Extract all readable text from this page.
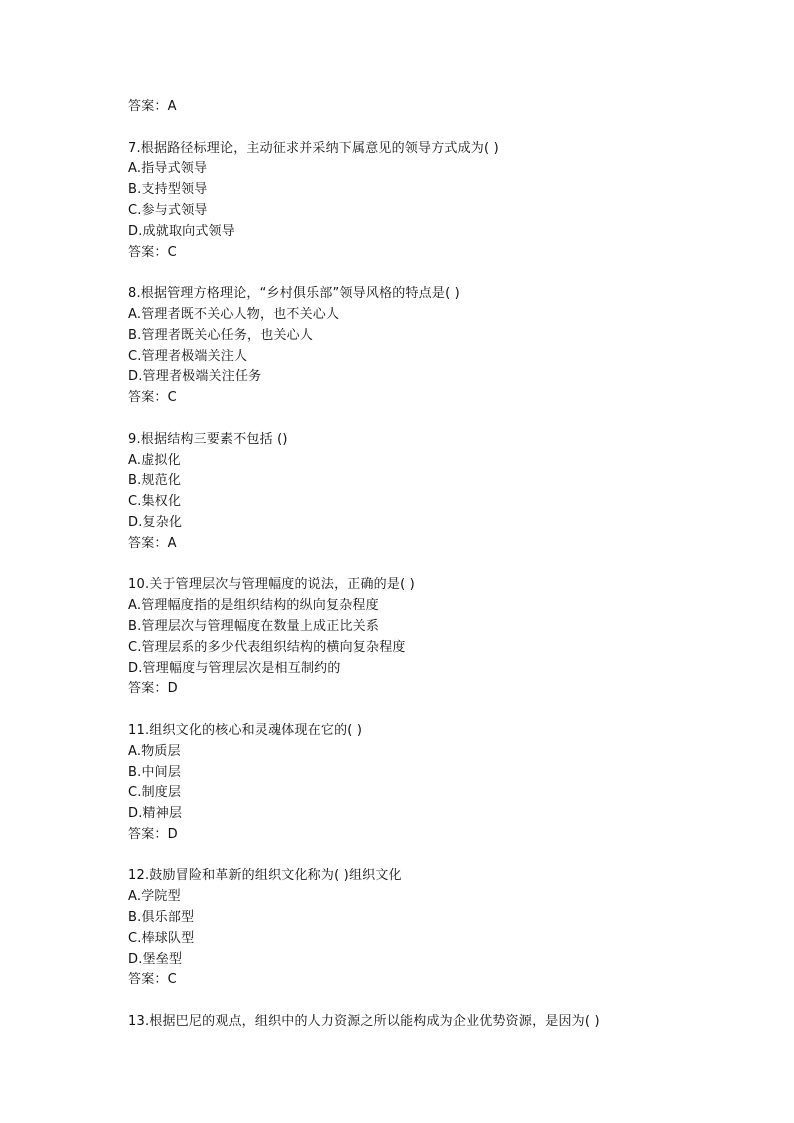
答案：A
7.根据路径标理论，主动征求并采纳下属意见的领导方式成为( )
A.指导式领导
B.支持型领导
C.参与式领导
D.成就取向式领导
答案：C
8.根据管理方格理论，“乡村俱乐部”领导风格的特点是( )
A.管理者既不关心人物，也不关心人
B.管理者既关心任务，也关心人
C.管理者极端关注人
D.管理者极端关注任务
答案：C
9.根据结构三要素不包括 ()
A.虚拟化
B.规范化
C.集权化
D.复杂化
答案：A
10.关于管理层次与管理幅度的说法，正确的是( )
A.管理幅度指的是组织结构的纵向复杂程度
B.管理层次与管理幅度在数量上成正比关系
C.管理层系的多少代表组织结构的横向复杂程度
D.管理幅度与管理层次是相互制约的
答案：D
11.组织文化的核心和灵魂体现在它的( )
A.物质层
B.中间层
C.制度层
D.精神层
答案：D
12.鼓励冒险和革新的组织文化称为( )组织文化
A.学院型
B.俱乐部型
C.棒球队型
D.堡垒型
答案：C
13.根据巴尼的观点，组织中的人力资源之所以能构成为企业优势资源，是因为( )
